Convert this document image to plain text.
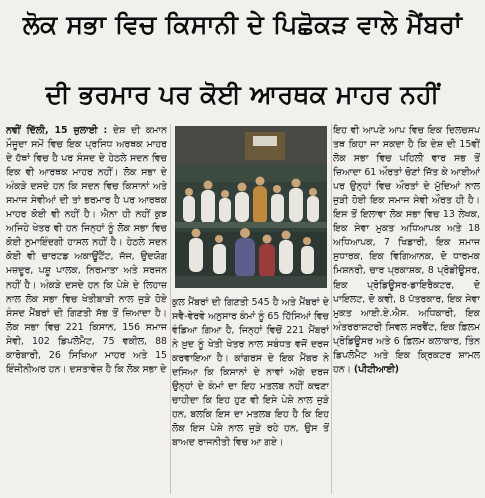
ਲੋਕ ਸਭਾ ਵਿਚ ਕਿਸਾਨੀ ਦੇ ਪਿਛੋਕੜ ਵਾਲੇ ਮੈਂਬਰਾਂ
ਦੀ ਭਰਮਾਰ ਪਰ ਕੋਈ ਆਰਥਕ ਮਾਹਰ ਨਹੀਂ

ਨਵੀਂ ਦਿੱਲੀ, 15 ਜੁਲਾਈ : ਦੇਸ਼ ਦੀ ਕਮਾਨ ਮੌਜੂਦਾ ਸਮੇਂ ਵਿਚ ਇਕ ਪ੍ਰਸਿਧ ਅਰਥਕ ਮਾਹਰ ਦੇ ਹੱਥਾਂ ਵਿਚ ਹੈ ਪਰ ਸੰਸਦ ਦੇ ਹੇਠਲੇ ਸਦਨ ਵਿਚ ਇਕ ਵੀ ਆਰਥਕ ਮਾਹਰ ਨਹੀਂ। ਲੋਕ ਸਭਾ ਦੇ ਅੰਕੜੇ ਦਸਦੇ ਹਨ ਕਿ ਸਦਨ ਵਿਚ ਕਿਸਾਨਾਂ ਅਤੇ ਸਮਾਜ ਸੇਵੀਆਂ ਦੀ ਤਾਂ ਭਰਮਾਰ ਹੈ ਪਰ ਆਰਥਕ ਮਾਹਰ ਕੋਈ ਵੀ ਨਹੀਂ ਹੈ। ਐਨਾ ਹੀ ਨਹੀਂ ਕੁਝ ਅਜਿਹੇ ਖੇਤਰ ਵੀ ਹਨ ਜਿਨ੍ਹਾਂ ਨੂੰ ਲੋਕ ਸਭਾ ਵਿਚ ਕੋਈ ਨੁਮਾਇੰਦਗੀ ਹਾਸਲ ਨਹੀਂ ਹੈ। ਹੇਠਲੇ ਸਦਨ ਕੋਈ ਵੀ ਚਾਰਟਡ ਅਕਾਊਂਟੈਂਟ, ਜੱਜ, ਉਦਯੋਗ ਮਜ਼ਦੂਰ, ਪਸ਼ੂ ਪਾਲਕ, ਨਿਰਮਾਤਾ ਅਤੇ ਸਰਜਨ ਨਹੀਂ ਹੈ। ਅੰਕੜੇ ਦਸਦੇ ਹਨ ਕਿ ਪੇਸ਼ੇ ਦੇ ਲਿਹਾਜ਼ ਨਾਲ ਲੋਕ ਸਭਾ ਵਿਚ ਖੇਤੀਬਾੜੀ ਨਾਲ ਜੁੜੇ ਹੋਏ ਸੰਸਦ ਮੈਂਬਰਾਂ ਦੀ ਗਿਣਤੀ ਸੱਭ ਤੋਂ ਜ਼ਿਆਦਾ ਹੈ। ਲੋਕ ਸਭਾ ਵਿਚ 221 ਕਿਸਾਨ, 156 ਸਮਾਜ ਸੇਵੀ, 102 ਡਿਪਲੋਮੈਟ, 75 ਵਕੀਲ, 88 ਕਾਰੋਬਾਰੀ, 26 ਸਿਖਿਆ ਮਾਹਰ ਅਤੇ 15 ਇੰਜੀਨੀਅਰ ਹਨ। ਦਸਤਾਵੇਜ਼ ਹੈ ਕਿ ਲੋਕ ਸਭਾ ਦੇ

ਕੁਲ ਮੈਂਬਰਾਂ ਦੀ ਗਿਣਤੀ 545 ਹੈ ਅਤੇ ਮੈਂਬਰਾਂ ਦੇ ਸਵੈ-ਵੇਰਵੇ ਅਨੁਸਾਰ ਕੰਮਾਂ ਨੂੰ 65 ਹਿੱਸਿਆਂ ਵਿਚ ਵੰਡਿਆ ਗਿਆ ਹੈ, ਜਿਨ੍ਹਾਂ ਵਿਚੋਂ 221 ਮੈਂਬਰਾਂ ਨੇ ਖ਼ੁਦ ਨੂੰ ਖੇਤੀ ਖੇਤਰ ਨਾਲ ਸਬੰਧਤ ਵਜੋਂ ਦਰਜ ਕਰਵਾਇਆ ਹੈ। ਕਾਂਗਰਸ ਦੇ ਇਕ ਮੈਂਬਰ ਨੇ ਦਸਿਆ ਕਿ ਕਿਸਾਨਾਂ ਦੇ ਨਾਵਾਂ ਅੱਗੇ ਦਰਜ ਉਨ੍ਹਾਂ ਦੇ ਕੰਮਾਂ ਦਾ ਇਹ ਮਤਲਬ ਨਹੀਂ ਕਢਣਾ ਚਾਹੀਦਾ ਕਿ ਇਹ ਹੁਣ ਵੀ ਇਸੇ ਪੇਸ਼ੇ ਨਾਲ ਜੁੜੇ ਹਨ, ਬਲਕਿ ਇਸ ਦਾ ਮਤਲਬ ਇਹ ਹੈ ਕਿ ਇਹ ਲੋਕ ਇਸ ਪੇਸ਼ੇ ਨਾਲ ਜੁੜੇ ਰਹੇ ਹਨ, ਉਸ ਤੋਂ ਬਾਅਦ ਰਾਜਨੀਤੀ ਵਿਚ ਆ ਗਏ।

ਇਹ ਵੀ ਆਪਣੇ ਆਪ ਵਿਚ ਇਕ ਦਿਲਚਸਪ ਤਥ ਕਿਹਾ ਜਾ ਸਕਦਾ ਹੈ ਕਿ ਦੇਸ਼ ਦੀ 15ਵੀਂ ਲੋਕ ਸਭਾ ਵਿਚ ਪਹਿਲੀ ਵਾਰ ਸਭ ਤੋਂ ਜ਼ਿਆਦਾ 61 ਔਰਤਾਂ ਚੋਣਾਂ ਜਿੱਤ ਕੇ ਆਈਆਂ ਪਰ ਉਨ੍ਹਾਂ ਵਿਚ ਔਰਤਾਂ ਦੇ ਮੁੱਦਿਆਂ ਨਾਲ ਜੁੜੀ ਹੋਈ ਇਕ ਸਮਾਜ ਸੇਵੀ ਔਰਤ ਹੀ ਹੈ। ਇਸ ਤੋਂ ਇਲਾਵਾ ਲੋਕ ਸਭਾ ਵਿਚ 13 ਲੇਖਕ, ਇਕ ਸੇਵਾ ਮੁਕਤ ਅਧਿਆਪਕ ਅਤੇ 18 ਅਧਿਆਪਕ, 7 ਖਿਡਾਰੀ, ਇਕ ਸਮਾਜ ਸੁਧਾਰਕ, ਇਕ ਵਿਗਿਆਨਕ, ਦੋ ਧਾਰਮਕ ਮਿਸ਼ਨਰੀ, ਚਾਰ ਪ੍ਰਕਾਸ਼ਕ, 8 ਪ੍ਰੋਡੀਊਸਰ, ਇਕ ਪ੍ਰੋਡਿਊਸਰ-ਡਾਇਰੈਕਟਰ, ਦੋ ਪਾਇਲਟ, ਦੋ ਕਵੀ, 8 ਪੱਤਰਕਾਰ, ਇਕ ਸੇਵਾ ਮੁਕਤ ਆਈ.ਏ.ਐਸ. ਅਧਿਕਾਰੀ, ਇਕ ਅੰਤਰਰਾਸ਼ਟਰੀ ਸਿਵਲ ਸਰਵੈਂਟ, ਇਕ ਫ਼ਿਲਮ ਪ੍ਰੋਡਿਊਸਰ ਅਤੇ 6 ਫ਼ਿਲਮ ਕਲਾਕਾਰ, ਤਿੰਨ ਡਿਪਲੋਮੈਟ ਅਤੇ ਇਕ ਕ੍ਰਿਕਟਰ ਸ਼ਾਮਲ ਹਨ। (ਪੀਟੀਆਈ)
